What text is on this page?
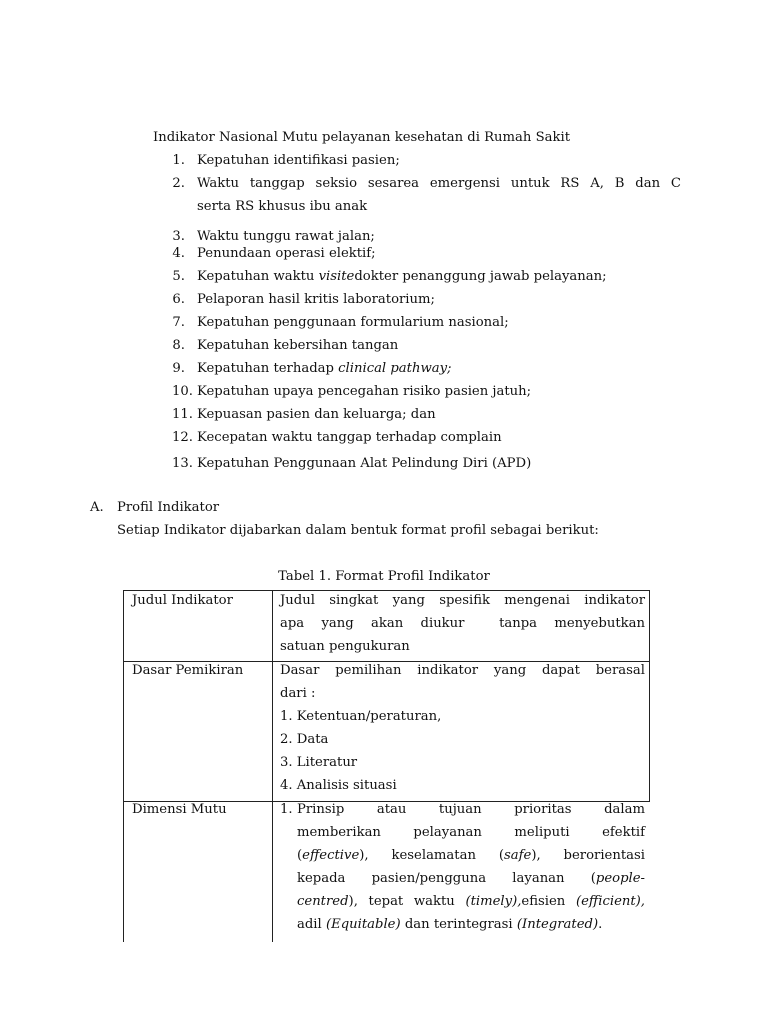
Indikator Nasional Mutu pelayanan kesehatan di Rumah Sakit
1. Kepatuhan identifikasi pasien;
2. Waktu tanggap seksio sesarea emergensi untuk RS A, B dan C
serta RS khusus ibu anak
3. Waktu tunggu rawat jalan;
4. Penundaan operasi elektif;
5. Kepatuhan waktu visitedokter penanggung jawab pelayanan;
6. Pelaporan hasil kritis laboratorium;
7. Kepatuhan penggunaan formularium nasional;
8. Kepatuhan kebersihan tangan
9. Kepatuhan terhadap clinical pathway;
10. Kepatuhan upaya pencegahan risiko pasien jatuh;
11. Kepuasan pasien dan keluarga; dan
12. Kecepatan waktu tanggap terhadap complain
13. Kepatuhan Penggunaan Alat Pelindung Diri (APD)
A. Profil Indikator
Setiap Indikator dijabarkan dalam bentuk format profil sebagai berikut:
Tabel 1. Format Profil Indikator
Judul Indikator	Judul singkat yang spesifik mengenai indikator
apa yang akan diukur  tanpa menyebutkan
satuan pengukuran
Dasar Pemikiran	Dasar pemilihan indikator yang dapat berasal
dari :
1. Ketentuan/peraturan,
2. Data
3. Literatur
4. Analisis situasi
Dimensi Mutu	1. Prinsip atau tujuan prioritas dalam
memberikan pelayanan meliputi efektif
(effective), keselamatan (safe), berorientasi
kepada pasien/pengguna layanan (people-
centred), tepat waktu (timely),efisien (efficient),
adil (Equitable) dan terintegrasi (Integrated).
